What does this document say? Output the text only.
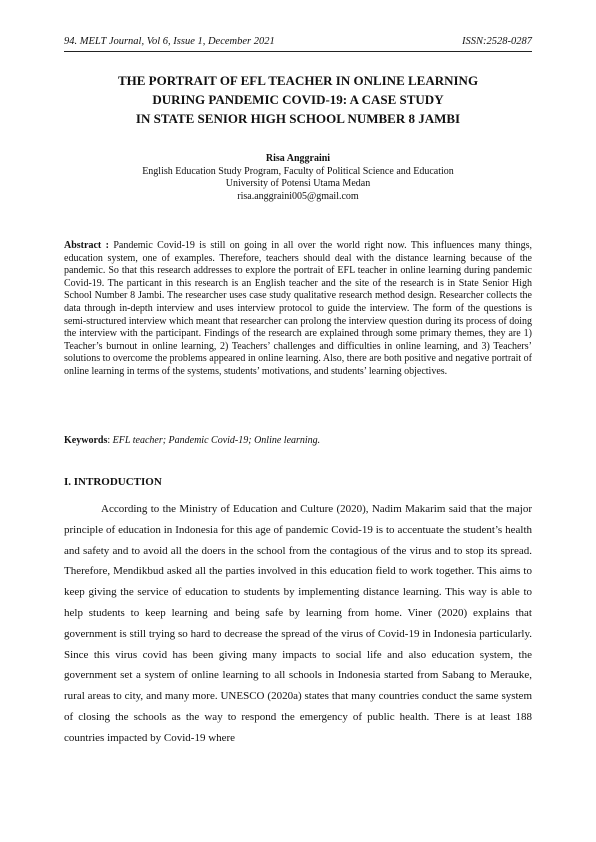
94. MELT Journal, Vol 6, Issue 1, December 2021	ISSN:2528-0287
THE PORTRAIT OF EFL TEACHER IN ONLINE LEARNING
DURING PANDEMIC COVID-19: A CASE STUDY
IN STATE SENIOR HIGH SCHOOL NUMBER 8 JAMBI
Risa Anggraini
English Education Study Program, Faculty of Political Science and Education
University of Potensi Utama Medan
risa.anggraini005@gmail.com
Abstract : Pandemic Covid-19 is still on going in all over the world right now. This influences many things, education system, one of examples. Therefore, teachers should deal with the distance learning because of the pandemic. So that this research addresses to explore the portrait of EFL teacher in online learning during pandemic Covid-19. The particant in this research is an English teacher and the site of the research is in State Senior High School Number 8 Jambi. The researcher uses case study qualitative research method design. Researcher collects the data through in-depth interview and uses interview protocol to guide the interview. The form of the questions is semi-structured interview which meant that researcher can prolong the interview question during its process of doing the interview with the participant. Findings of the research are explained through some primary themes, they are 1) Teacher’s burnout in online learning, 2) Teachers’ challenges and difficulties in online learning, and 3) Teachers’ solutions to overcome the problems appeared in online learning. Also, there are both positive and negative portrait of online learning in terms of the systems, students’ motivations, and students’ learning objectives.
Keywords: EFL teacher; Pandemic Covid-19; Online learning.
I. INTRODUCTION

According to the Ministry of Education and Culture (2020), Nadim Makarim said that the major principle of education in Indonesia for this age of pandemic Covid-19 is to accentuate the student’s health and safety and to avoid all the doers in the school from the contagious of the virus and to stop its spread. Therefore, Mendikbud asked all the parties involved in this education field to work together. This aims to keep giving the service of education to students by implementing distance learning. This way is able to help students to keep learning and being safe by learning from home. Viner (2020) explains that government is still trying so hard to decrease the spread of the virus of Covid-19 in Indonesia particularly. Since this virus covid has been giving many impacts to social life and also education system, the government set a system of online learning to all schools in Indonesia started from Sabang to Merauke, rural areas to city, and many more. UNESCO (2020a) states that many countries conduct the same system of closing the schools as the way to respond the emergency of public health. There is at least 188 countries impacted by Covid-19 where
